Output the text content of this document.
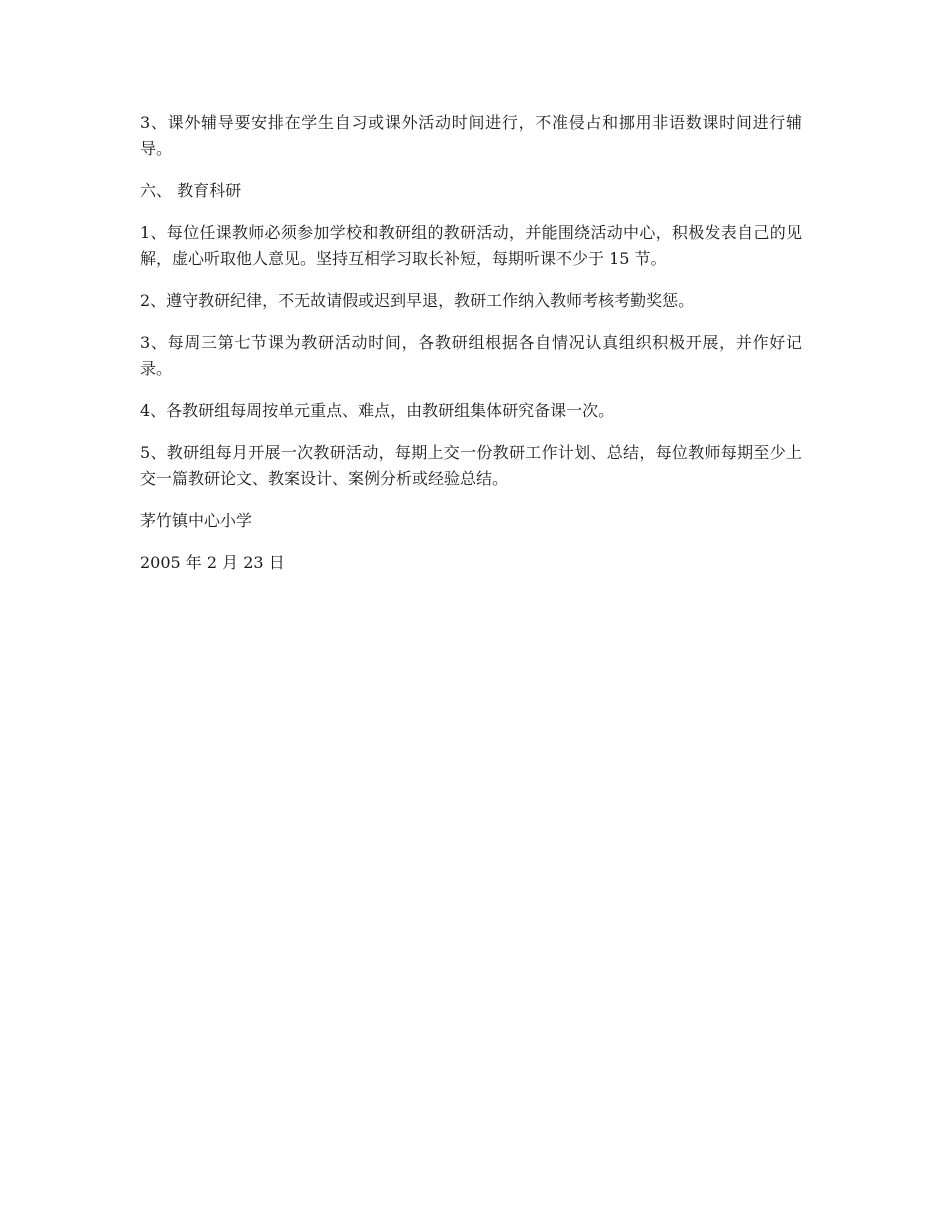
3、课外辅导要安排在学生自习或课外活动时间进行，不准侵占和挪用非语数课时间进行辅导。

六、 教育科研

1、每位任课教师必须参加学校和教研组的教研活动，并能围绕活动中心，积极发表自己的见解，虚心听取他人意见。坚持互相学习取长补短，每期听课不少于 15 节。

2、遵守教研纪律，不无故请假或迟到早退，教研工作纳入教师考核考勤奖惩。

3、每周三第七节课为教研活动时间，各教研组根据各自情况认真组织积极开展，并作好记录。

4、各教研组每周按单元重点、难点，由教研组集体研究备课一次。

5、教研组每月开展一次教研活动，每期上交一份教研工作计划、总结，每位教师每期至少上交一篇教研论文、教案设计、案例分析或经验总结。

茅竹镇中心小学

2005 年 2 月 23 日
